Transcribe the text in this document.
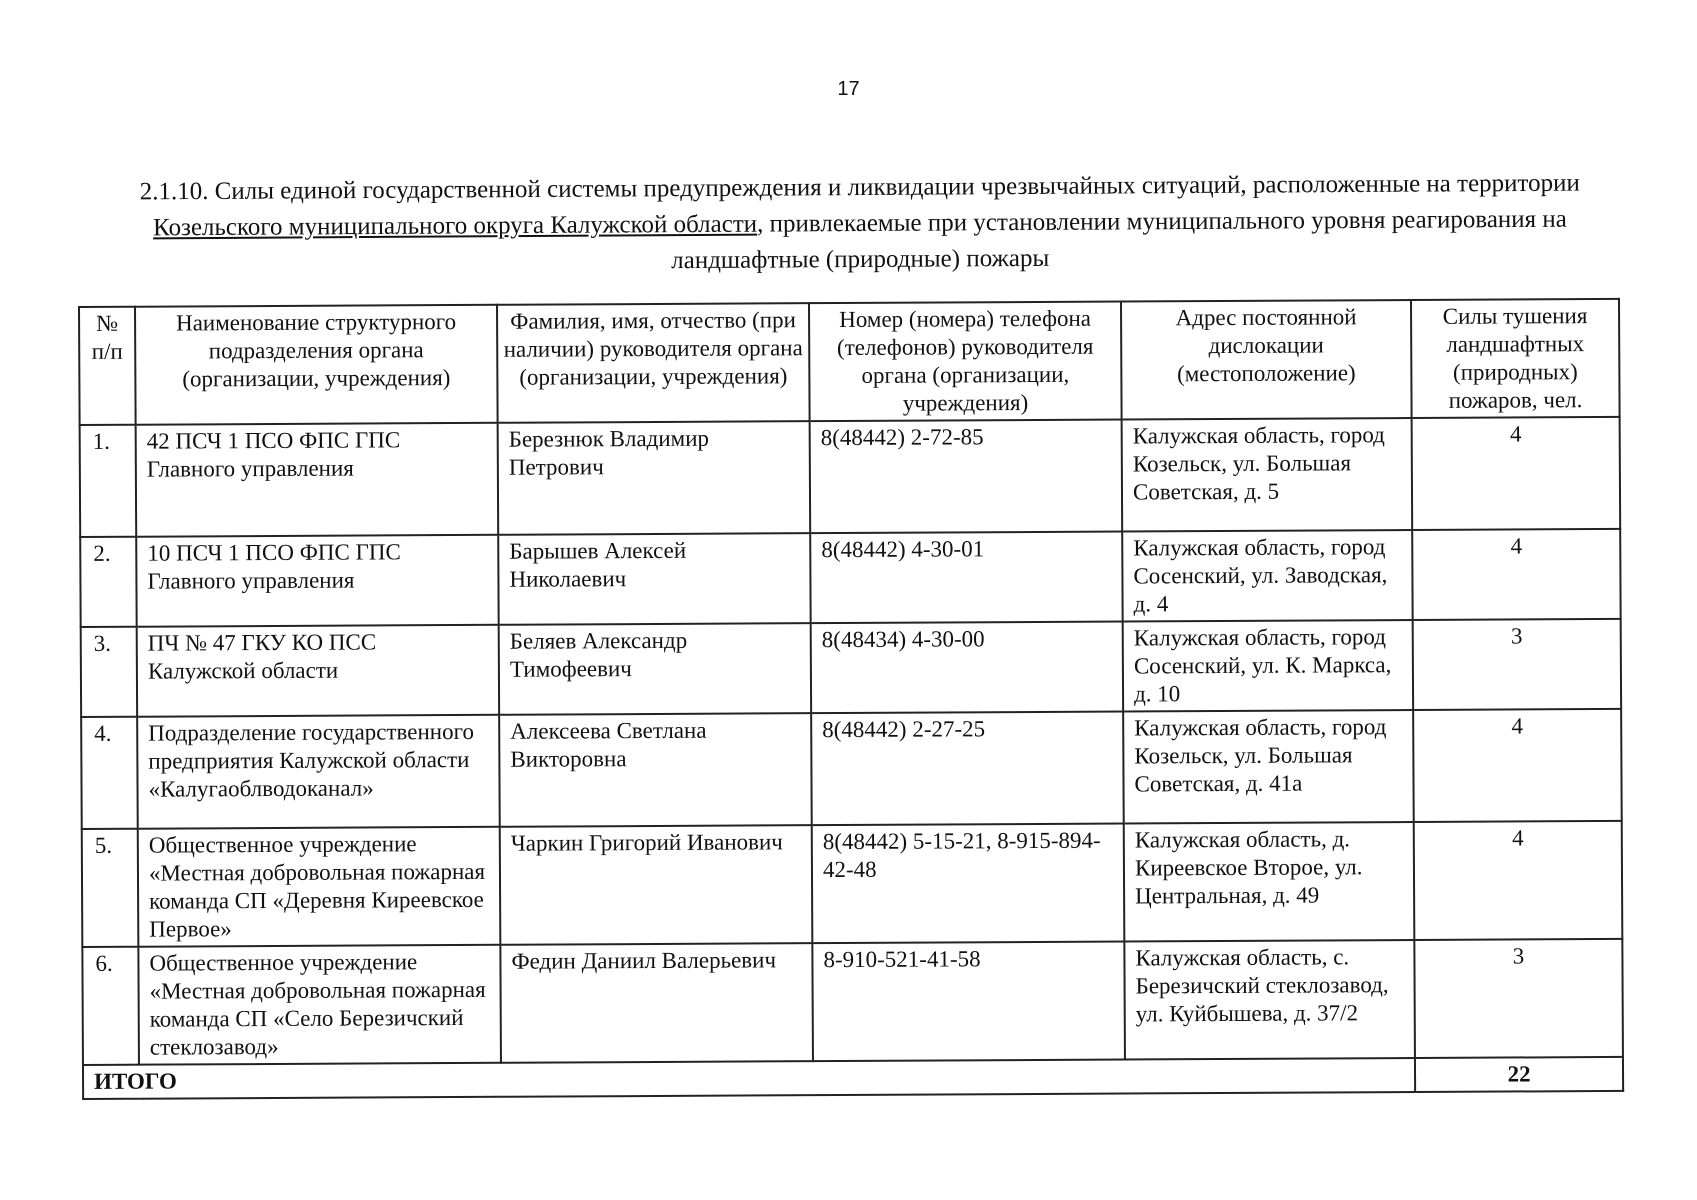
17
2.1.10. Силы единой государственной системы предупреждения и ликвидации чрезвычайных ситуаций, расположенные на территории Козельского муниципального округа Калужской области, привлекаемые при установлении муниципального уровня реагирования на ландшафтные (природные) пожары
№ п/п	Наименование структурного подразделения органа (организации, учреждения)	Фамилия, имя, отчество (при наличии) руководителя органа (организации, учреждения)	Номер (номера) телефона (телефонов) руководителя органа (организации, учреждения)	Адрес постоянной дислокации (местоположение)	Силы тушения ландшафтных (природных) пожаров, чел.
1.	42 ПСЧ 1 ПСО ФПС ГПС Главного управления	Березнюк Владимир Петрович	8(48442) 2-72-85	Калужская область, город Козельск, ул. Большая Советская, д. 5	4
2.	10 ПСЧ 1 ПСО ФПС ГПС Главного управления	Барышев Алексей Николаевич	8(48442) 4-30-01	Калужская область, город Сосенский, ул. Заводская, д. 4	4
3.	ПЧ № 47 ГКУ КО ПСС Калужской области	Беляев Александр Тимофеевич	8(48434) 4-30-00	Калужская область, город Сосенский, ул. К. Маркса, д. 10	3
4.	Подразделение государственного предприятия Калужской области «Калугаоблводоканал»	Алексеева Светлана Викторовна	8(48442) 2-27-25	Калужская область, город Козельск, ул. Большая Советская, д. 41а	4
5.	Общественное учреждение «Местная добровольная пожарная команда СП «Деревня Киреевское Первое»	Чаркин Григорий Иванович	8(48442) 5-15-21, 8-915-894-42-48	Калужская область, д. Киреевское Второе, ул. Центральная, д. 49	4
6.	Общественное учреждение «Местная добровольная пожарная команда СП «Село Березичский стеклозавод»	Федин Даниил Валерьевич	8-910-521-41-58	Калужская область, с. Березичский стеклозавод, ул. Куйбышева, д. 37/2	3
ИТОГО					22
